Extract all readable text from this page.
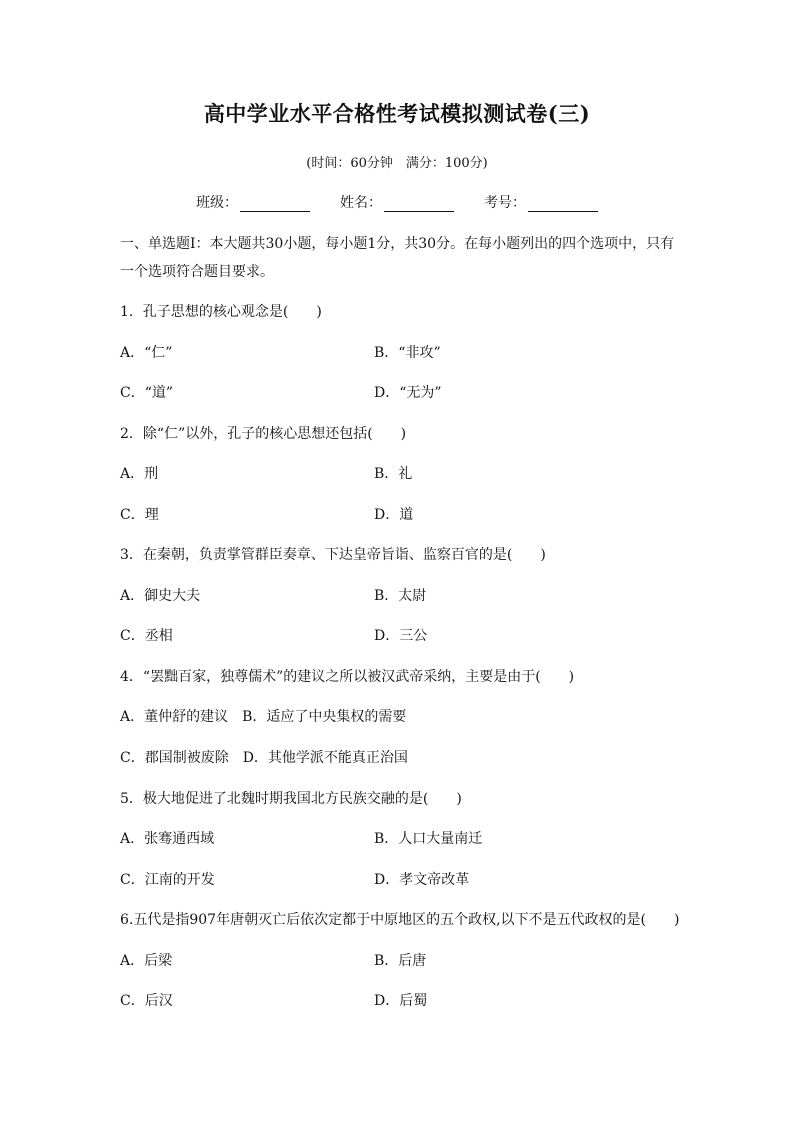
高中学业水平合格性考试模拟测试卷(三)
(时间：60分钟　满分：100分)
班级：	姓名：	考号：
一、单选题Ⅰ：本大题共30小题，每小题1分，共30分。在每小题列出的四个选项中，只有一个选项符合题目要求。
1．孔子思想的核心观念是(　　)
A．“仁”	B．“非攻”
C．“道”	D．“无为”
2．除“仁”以外，孔子的核心思想还包括(　　)
A．刑	B．礼
C．理	D．道
3．在秦朝，负责掌管群臣奏章、下达皇帝旨诣、监察百官的是(　　)
A．御史大夫	B．太尉
C．丞相	D．三公
4．“罢黜百家，独尊儒术”的建议之所以被汉武帝采纳，主要是由于(　　)
A．董仲舒的建议　B．适应了中央集权的需要
C．郡国制被废除　D．其他学派不能真正治国
5．极大地促进了北魏时期我国北方民族交融的是(　　)
A．张骞通西域	B．人口大量南迁
C．江南的开发	D．孝文帝改革
6.五代是指907年唐朝灭亡后依次定都于中原地区的五个政权,以下不是五代政权的是(　　)
A．后梁	B．后唐
C．后汉	D．后蜀
